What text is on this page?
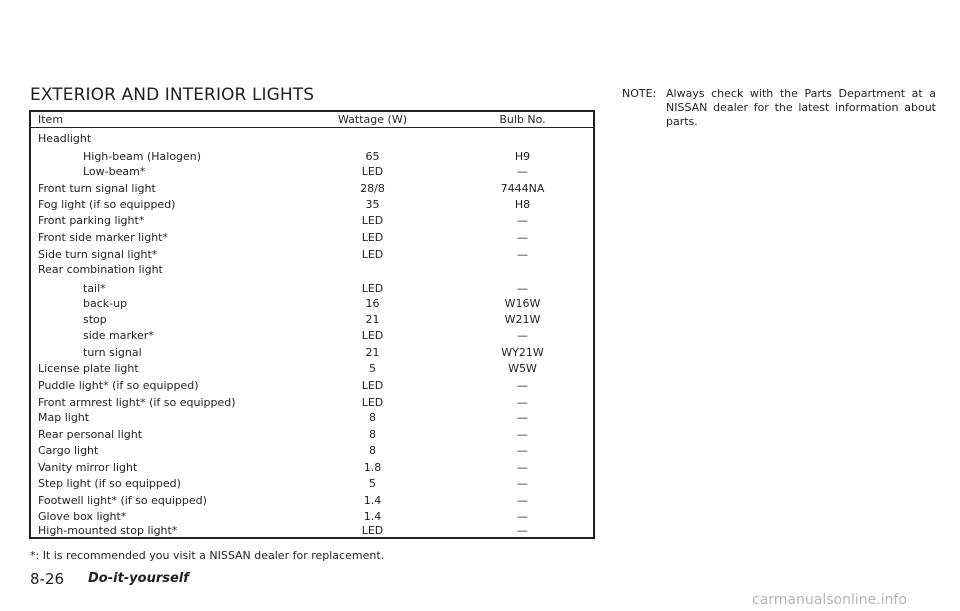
EXTERIOR AND INTERIOR LIGHTS
Item	Wattage (W)	Bulb No.
Headlight
High-beam (Halogen)	65	H9
Low-beam*	LED	—
Front turn signal light	28/8	7444NA
Fog light (if so equipped)	35	H8
Front parking light*	LED	—
Front side marker light*	LED	—
Side turn signal light*	LED	—
Rear combination light
tail*	LED	—
back-up	16	W16W
stop	21	W21W
side marker*	LED	—
turn signal	21	WY21W
License plate light	5	W5W
Puddle light* (if so equipped)	LED	—
Front armrest light* (if so equipped)	LED	—
Map light	8	—
Rear personal light	8	—
Cargo light	8	—
Vanity mirror light	1.8	—
Step light (if so equipped)	5	—
Footwell light* (if so equipped)	1.4	—
Glove box light*	1.4	—
High-mounted stop light*	LED	—
*: It is recommended you visit a NISSAN dealer for replacement.
NOTE: Always check with the Parts Department at a NISSAN dealer for the latest information about parts.
8-26 Do-it-yourself
carmanualsonline.info
